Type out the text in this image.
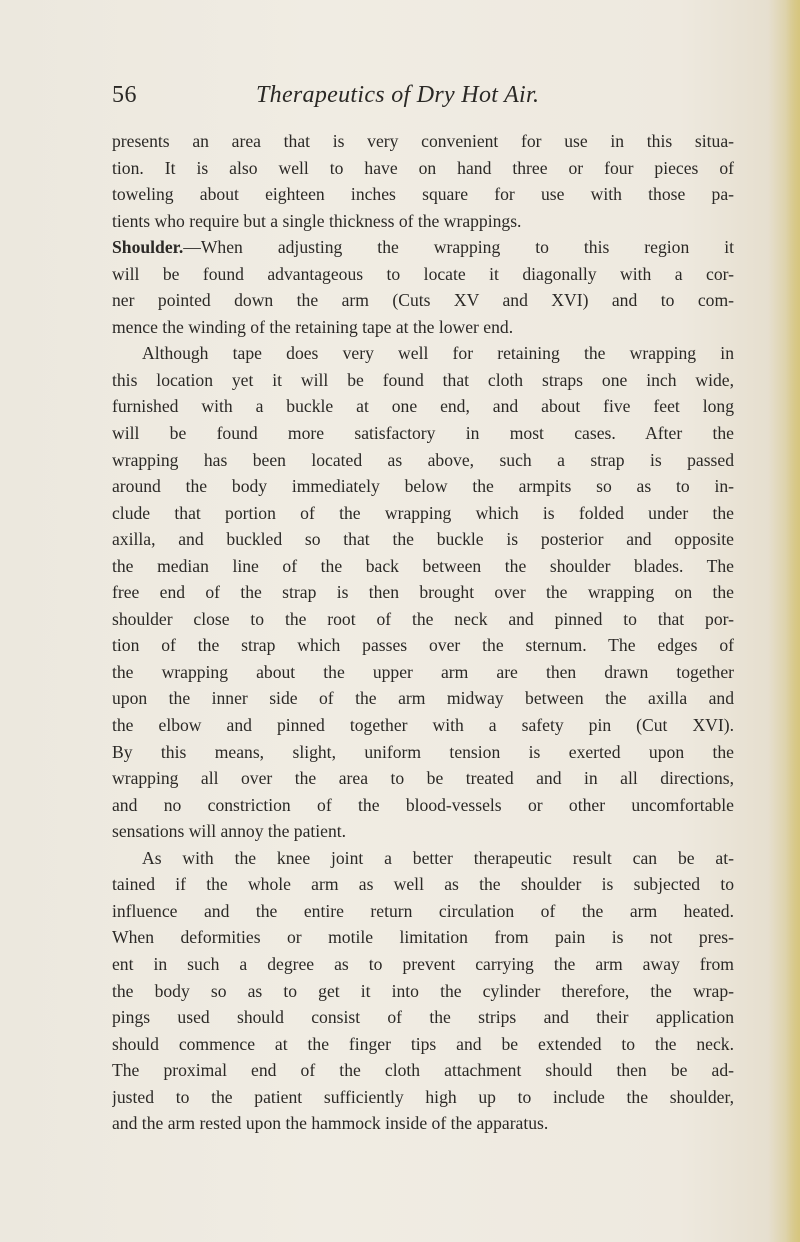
56	Therapeutics of Dry Hot Air.
presents an area that is very convenient for use in this situa-
tion. It is also well to have on hand three or four pieces of
toweling about eighteen inches square for use with those pa-
tients who require but a single thickness of the wrappings.
Shoulder.—When adjusting the wrapping to this region it
will be found advantageous to locate it diagonally with a cor-
ner pointed down the arm (Cuts XV and XVI) and to com-
mence the winding of the retaining tape at the lower end.
Although tape does very well for retaining the wrapping in
this location yet it will be found that cloth straps one inch wide,
furnished with a buckle at one end, and about five feet long
will be found more satisfactory in most cases. After the
wrapping has been located as above, such a strap is passed
around the body immediately below the armpits so as to in-
clude that portion of the wrapping which is folded under the
axilla, and buckled so that the buckle is posterior and opposite
the median line of the back between the shoulder blades. The
free end of the strap is then brought over the wrapping on the
shoulder close to the root of the neck and pinned to that por-
tion of the strap which passes over the sternum. The edges of
the wrapping about the upper arm are then drawn together
upon the inner side of the arm midway between the axilla and
the elbow and pinned together with a safety pin (Cut XVI).
By this means, slight, uniform tension is exerted upon the
wrapping all over the area to be treated and in all directions,
and no constriction of the blood-vessels or other uncomfortable
sensations will annoy the patient.
As with the knee joint a better therapeutic result can be at-
tained if the whole arm as well as the shoulder is subjected to
influence and the entire return circulation of the arm heated.
When deformities or motile limitation from pain is not pres-
ent in such a degree as to prevent carrying the arm away from
the body so as to get it into the cylinder therefore, the wrap-
pings used should consist of the strips and their application
should commence at the finger tips and be extended to the neck.
The proximal end of the cloth attachment should then be ad-
justed to the patient sufficiently high up to include the shoulder,
and the arm rested upon the hammock inside of the apparatus.
